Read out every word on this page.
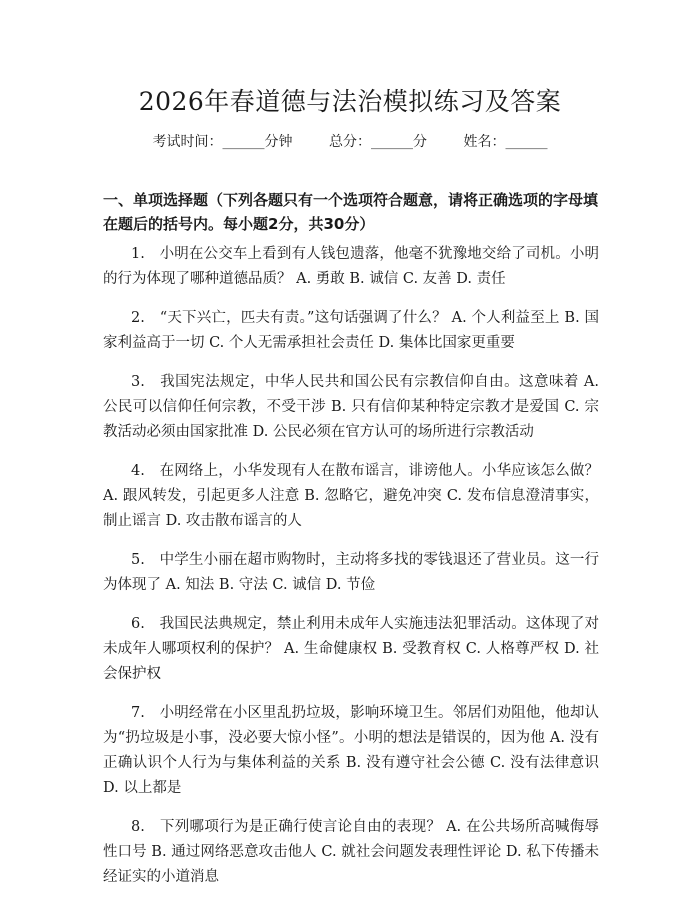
2026年春道德与法治模拟练习及答案
考试时间：______分钟	总分：______分	姓名：______
一、单项选择题（下列各题只有一个选项符合题意，请将正确选项的字母填在题后的括号内。每小题2分，共30分）

1.　小明在公交车上看到有人钱包遗落，他毫不犹豫地交给了司机。小明的行为体现了哪种道德品质？ A. 勇敢 B. 诚信 C. 友善 D. 责任

2.　“天下兴亡，匹夫有责。”这句话强调了什么？ A. 个人利益至上 B. 国家利益高于一切 C. 个人无需承担社会责任 D. 集体比国家更重要

3.　我国宪法规定，中华人民共和国公民有宗教信仰自由。这意味着 A. 公民可以信仰任何宗教，不受干涉 B. 只有信仰某种特定宗教才是爱国 C. 宗教活动必须由国家批准 D. 公民必须在官方认可的场所进行宗教活动

4.　在网络上，小华发现有人在散布谣言，诽谤他人。小华应该怎么做？ A. 跟风转发，引起更多人注意 B. 忽略它，避免冲突 C. 发布信息澄清事实，制止谣言 D. 攻击散布谣言的人

5.　中学生小丽在超市购物时，主动将多找的零钱退还了营业员。这一行为体现了 A. 知法 B. 守法 C. 诚信 D. 节俭

6.　我国民法典规定，禁止利用未成年人实施违法犯罪活动。这体现了对未成年人哪项权利的保护？ A. 生命健康权 B. 受教育权 C. 人格尊严权 D. 社会保护权

7.　小明经常在小区里乱扔垃圾，影响环境卫生。邻居们劝阻他，他却认为“扔垃圾是小事，没必要大惊小怪”。小明的想法是错误的，因为他 A. 没有正确认识个人行为与集体利益的关系 B. 没有遵守社会公德 C. 没有法律意识 D. 以上都是

8.　下列哪项行为是正确行使言论自由的表现？ A. 在公共场所高喊侮辱性口号 B. 通过网络恶意攻击他人 C. 就社会问题发表理性评论 D. 私下传播未经证实的小道消息
